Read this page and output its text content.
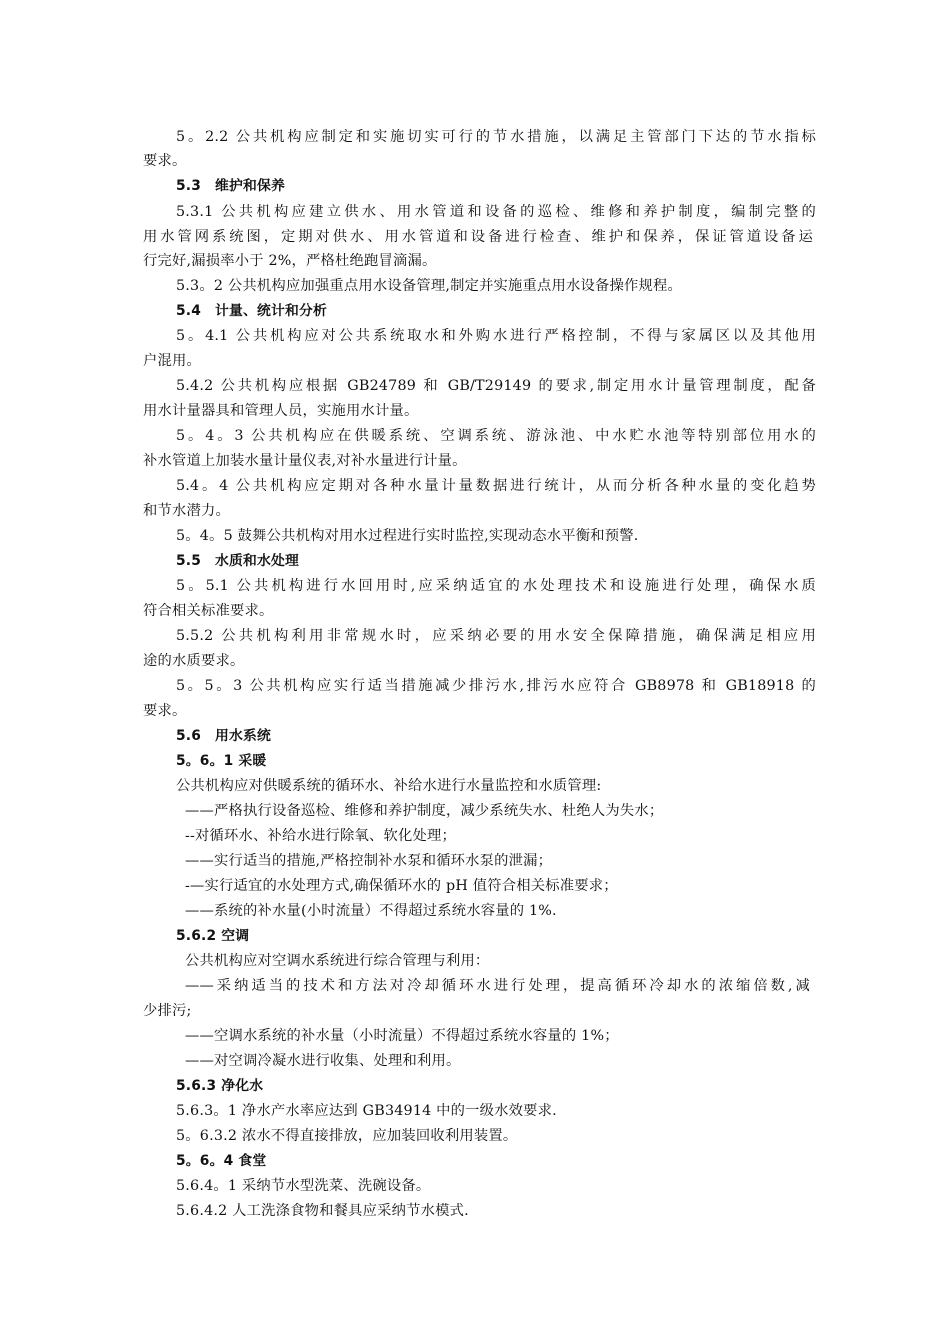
5。2.2 公共机构应制定和实施切实可行的节水措施，以满足主管部门下达的节水指标
要求。
5.3　维护和保养
5.3.1 公共机构应建立供水、用水管道和设备的巡检、维修和养护制度，编制完整的
用水管网系统图，定期对供水、用水管道和设备进行检查、维护和保养，保证管道设备运
行完好,漏损率小于 2%，严格杜绝跑冒滴漏。
5.3。2 公共机构应加强重点用水设备管理,制定并实施重点用水设备操作规程。
5.4　计量、统计和分析
5。4.1 公共机构应对公共系统取水和外购水进行严格控制，不得与家属区以及其他用
户混用。
5.4.2 公共机构应根据 GB24789 和 GB/T29149 的要求,制定用水计量管理制度，配备
用水计量器具和管理人员，实施用水计量。
5。4。3 公共机构应在供暖系统、空调系统、游泳池、中水贮水池等特别部位用水的
补水管道上加装水量计量仪表,对补水量进行计量。
5.4。4 公共机构应定期对各种水量计量数据进行统计，从而分析各种水量的变化趋势
和节水潜力。
5。4。5 鼓舞公共机构对用水过程进行实时监控,实现动态水平衡和预警.
5.5　水质和水处理
5。5.1 公共机构进行水回用时,应采纳适宜的水处理技术和设施进行处理，确保水质
符合相关标准要求。
5.5.2 公共机构利用非常规水时，应采纳必要的用水安全保障措施，确保满足相应用
途的水质要求。
5。5。3 公共机构应实行适当措施减少排污水,排污水应符合 GB8978 和 GB18918 的
要求。
5.6　用水系统
5。6。1 采暖
公共机构应对供暖系统的循环水、补给水进行水量监控和水质管理:
——严格执行设备巡检、维修和养护制度，减少系统失水、杜绝人为失水；
--对循环水、补给水进行除氧、软化处理；
——实行适当的措施,严格控制补水泵和循环水泵的泄漏；
-—实行适宜的水处理方式,确保循环水的 pH 值符合相关标准要求；
——系统的补水量(小时流量）不得超过系统水容量的 1%.
5.6.2 空调
公共机构应对空调水系统进行综合管理与利用：
——采纳适当的技术和方法对冷却循环水进行处理，提高循环冷却水的浓缩倍数,减
少排污;
——空调水系统的补水量（小时流量）不得超过系统水容量的 1%；
——对空调冷凝水进行收集、处理和利用。
5.6.3 净化水
5.6.3。1 净水产水率应达到 GB34914 中的一级水效要求.
5。6.3.2 浓水不得直接排放，应加装回收利用装置。
5。6。4 食堂
5.6.4。1 采纳节水型洗菜、洗碗设备。
5.6.4.2 人工洗涤食物和餐具应采纳节水模式.
